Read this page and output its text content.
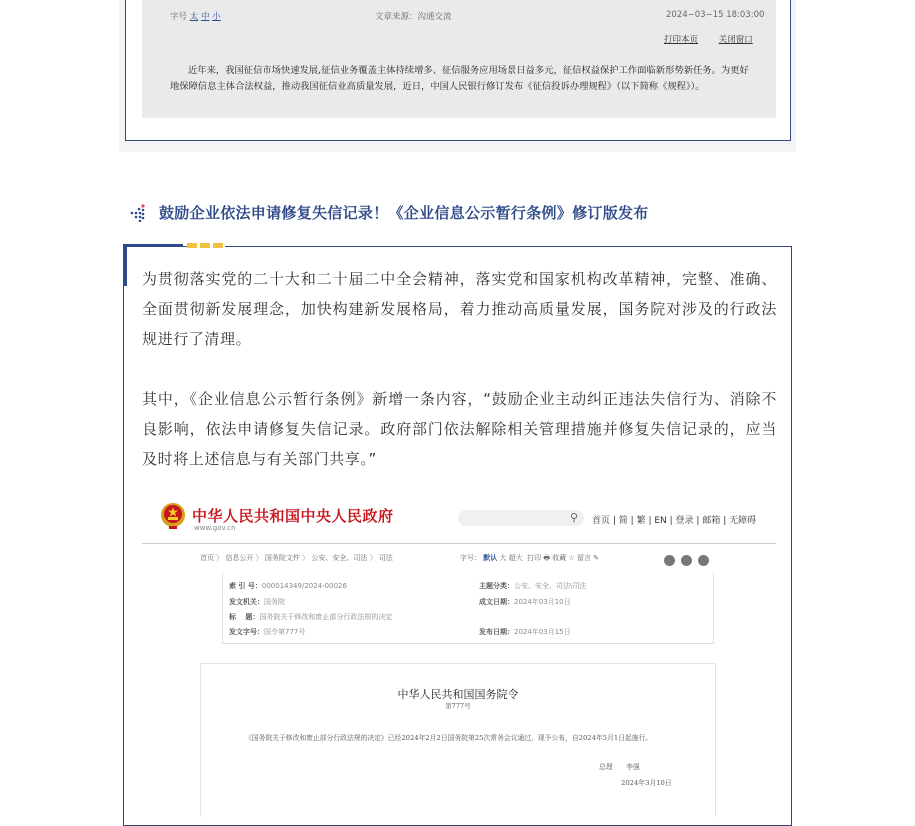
字号 太 中 小	文章来源：沟通交流	2024−03−15 18:03:00
打印本页 关闭窗口
近年来，我国征信市场快速发展,征信业务覆盖主体持续增多、征信服务应用场景日益多元，征信权益保护工作面临新形势新任务。为更好地保障信息主体合法权益，推动我国征信业高质量发展，近日，中国人民银行修订发布《征信投诉办理规程》（以下简称《规程》）。
鼓励企业依法申请修复失信记录！《企业信息公示暂行条例》修订版发布
为贯彻落实党的二十大和二十届二中全会精神，落实党和国家机构改革精神，完整、准确、全面贯彻新发展理念，加快构建新发展格局，着力推动高质量发展，国务院对涉及的行政法规进行了清理。
其中，《企业信息公示暂行条例》新增一条内容，“鼓励企业主动纠正违法失信行为、消除不良影响，依法申请修复失信记录。政府部门依法解除相关管理措施并修复失信记录的，应当及时将上述信息与有关部门共享。”
中华人民共和国中央人民政府
www.gov.cn
⚲ 首页 | 简 | 繁 | EN | 登录 | 邮箱 | 无障碍
首页 〉 信息公开 〉 国务院文件 〉 公安、安全、司法 〉 司法	字号： 默认 大 超大 打印 🖶 收藏 ☆ 留言 ✎
索 引 号：000014349/2024-00026	主题分类：公安、安全、司法\司法
发文机关：国务院	成文日期：2024年03月10日
标　 题：国务院关于修改和废止部分行政法规的决定
发文字号：国令第777号	发布日期：2024年03月15日
中华人民共和国国务院令
第777号
《国务院关于修改和废止部分行政法规的决定》已经2024年2月2日国务院第25次常务会议通过，现予公布，自2024年5月1日起施行。
总理　　李强
2024年3月10日
